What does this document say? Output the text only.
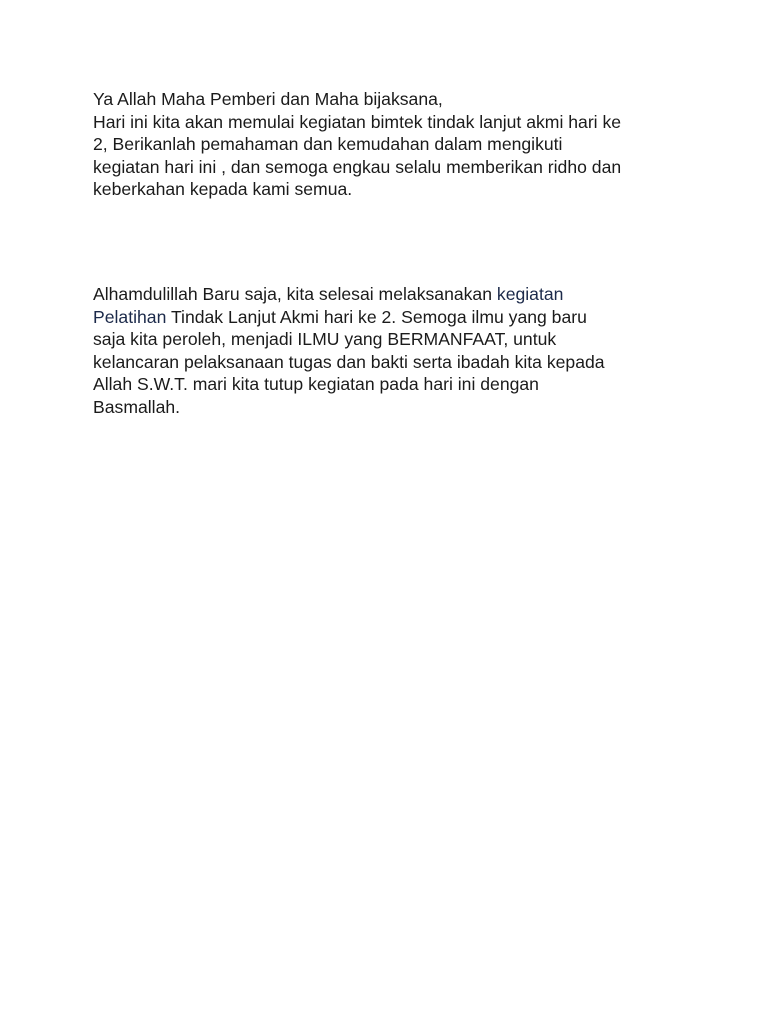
Ya Allah Maha Pemberi dan Maha bijaksana,
Hari ini kita akan memulai kegiatan bimtek tindak lanjut akmi hari ke
2, Berikanlah pemahaman dan kemudahan dalam mengikuti
kegiatan hari ini , dan semoga engkau selalu memberikan ridho dan
keberkahan kepada kami semua.

Alhamdulillah Baru saja, kita selesai melaksanakan kegiatan
Pelatihan Tindak Lanjut Akmi hari ke 2. Semoga ilmu yang baru
saja kita peroleh, menjadi ILMU yang BERMANFAAT, untuk
kelancaran pelaksanaan tugas dan bakti serta ibadah kita kepada
Allah S.W.T. mari kita tutup kegiatan pada hari ini dengan
Basmallah.
